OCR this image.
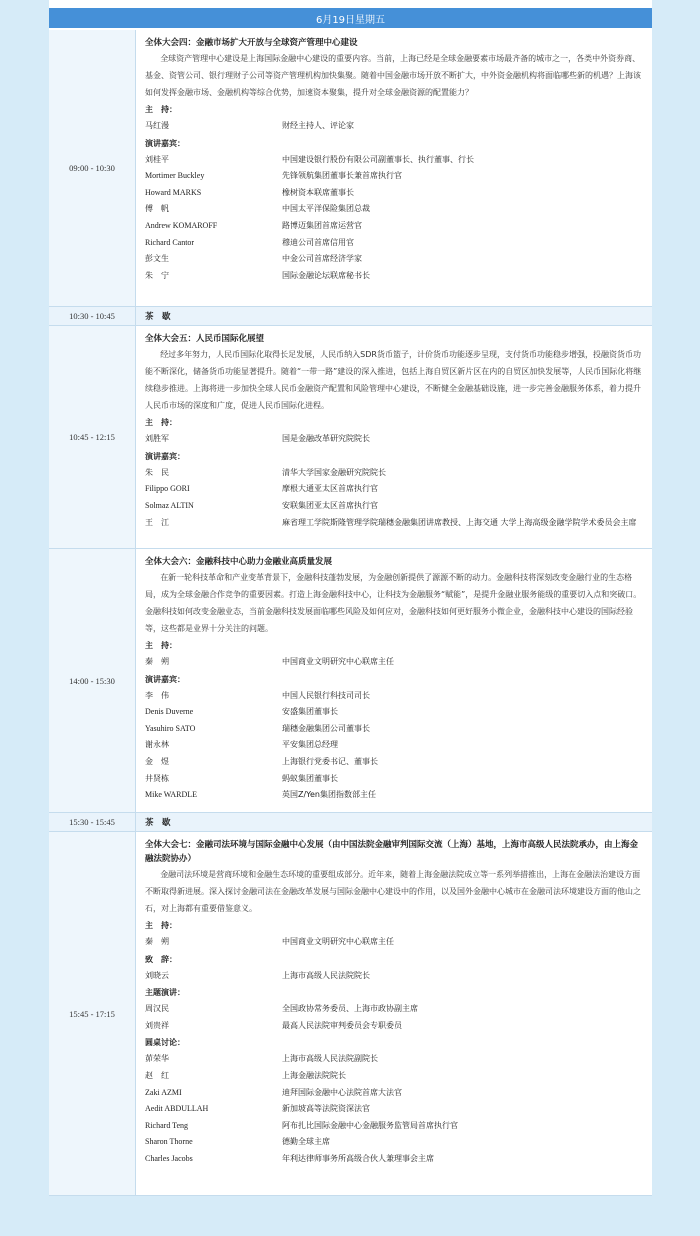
6月19日星期五
09:00 - 10:30
全体大会四：金融市场扩大开放与全球资产管理中心建设

全球资产管理中心建设是上海国际金融中心建设的重要内容。当前，上海已经是全球金融要素市场最齐备的城市之一，各类中外资券商、基金、资管公司、银行理财子公司等资产管理机构加快集聚。随着中国金融市场开放不断扩大，中外资金融机构将面临哪些新的机遇？上海该如何发挥金融市场、金融机构等综合优势，加速资本聚集，提升对全球金融资源的配置能力？

主　持：
马红漫	财经主持人、评论家
演讲嘉宾：
刘桂平	中国建设银行股份有限公司副董事长、执行董事、行长
Mortimer Buckley	先锋领航集团董事长兼首席执行官
Howard MARKS	橡树资本联席董事长
傅　帆	中国太平洋保险集团总裁
Andrew KOMAROFF	路博迈集团首席运营官
Richard Cantor	穆迪公司首席信用官
彭文生	中金公司首席经济学家
朱　宁	国际金融论坛联席秘书长
10:30 - 10:45	茶　歇
10:45 - 12:15
全体大会五：人民币国际化展望

经过多年努力，人民币国际化取得长足发展，人民币纳入SDR货币篮子，计价货币功能逐步呈现，支付货币功能稳步增强，投融资货币功能不断深化，储备货币功能显著提升。随着“一带一路”建设的深入推进，包括上海自贸区新片区在内的自贸区加快发展等，人民币国际化将继续稳步推进。上海将进一步加快全球人民币金融资产配置和风险管理中心建设，不断健全金融基础设施，进一步完善金融服务体系，着力提升人民币市场的深度和广度，促进人民币国际化进程。

主　持：
刘胜军	国是金融改革研究院院长
演讲嘉宾：
朱　民	清华大学国家金融研究院院长
Filippo GORI	摩根大通亚太区首席执行官
Solmaz ALTIN	安联集团亚太区首席执行官
王　江	麻省理工学院斯隆管理学院瑞穗金融集团讲席教授、上海交通 大学上海高级金融学院学术委员会主席
14:00 - 15:30
全体大会六：金融科技中心助力金融业高质量发展

在新一轮科技革命和产业变革背景下，金融科技蓬勃发展，为金融创新提供了源源不断的动力。金融科技将深刻改变金融行业的生态格局，成为全球金融合作竞争的重要因素。打造上海金融科技中心，让科技为金融服务“赋能”，是提升金融业服务能级的重要切入点和突破口。金融科技如何改变金融业态，当前金融科技发展面临哪些风险及如何应对，金融科技如何更好服务小微企业，金融科技中心建设的国际经验等，这些都是业界十分关注的问题。

主　持：
秦　朔	中国商业文明研究中心联席主任
演讲嘉宾：
李　伟	中国人民银行科技司司长
Denis Duverne	安盛集团董事长
Yasuhiro SATO	瑞穗金融集团公司董事长
谢永林	平安集团总经理
金　煜	上海银行党委书记、董事长
井贤栋	蚂蚁集团董事长
Mike WARDLE	英国Z/Yen集团指数部主任
15:30 - 15:45	茶　歇
15:45 - 17:15
全体大会七：金融司法环境与国际金融中心发展（由中国法院金融审判国际交流（上海）基地，上海市高级人民法院承办，由上海金融法院协办）

金融司法环境是营商环境和金融生态环境的重要组成部分。近年来，随着上海金融法院成立等一系列举措推出，上海在金融法治建设方面不断取得新进展。深入探讨金融司法在金融改革发展与国际金融中心建设中的作用，以及国外金融中心城市在金融司法环境建设方面的他山之石，对上海都有重要借鉴意义。

主　持：
秦　朔	中国商业文明研究中心联席主任
致　辞：
刘晓云	上海市高级人民法院院长
主题演讲：
周汉民	全国政协常务委员、上海市政协副主席
刘贵祥	最高人民法院审判委员会专职委员
圆桌讨论：
茆荣华	上海市高级人民法院副院长
赵　红	上海金融法院院长
Zaki AZMI	迪拜国际金融中心法院首席大法官
Aedit ABDULLAH	新加坡高等法院资深法官
Richard Teng	阿布扎比国际金融中心金融服务监管局首席执行官
Sharon Thorne	德勤全球主席
Charles Jacobs	年利达律师事务所高级合伙人兼理事会主席
